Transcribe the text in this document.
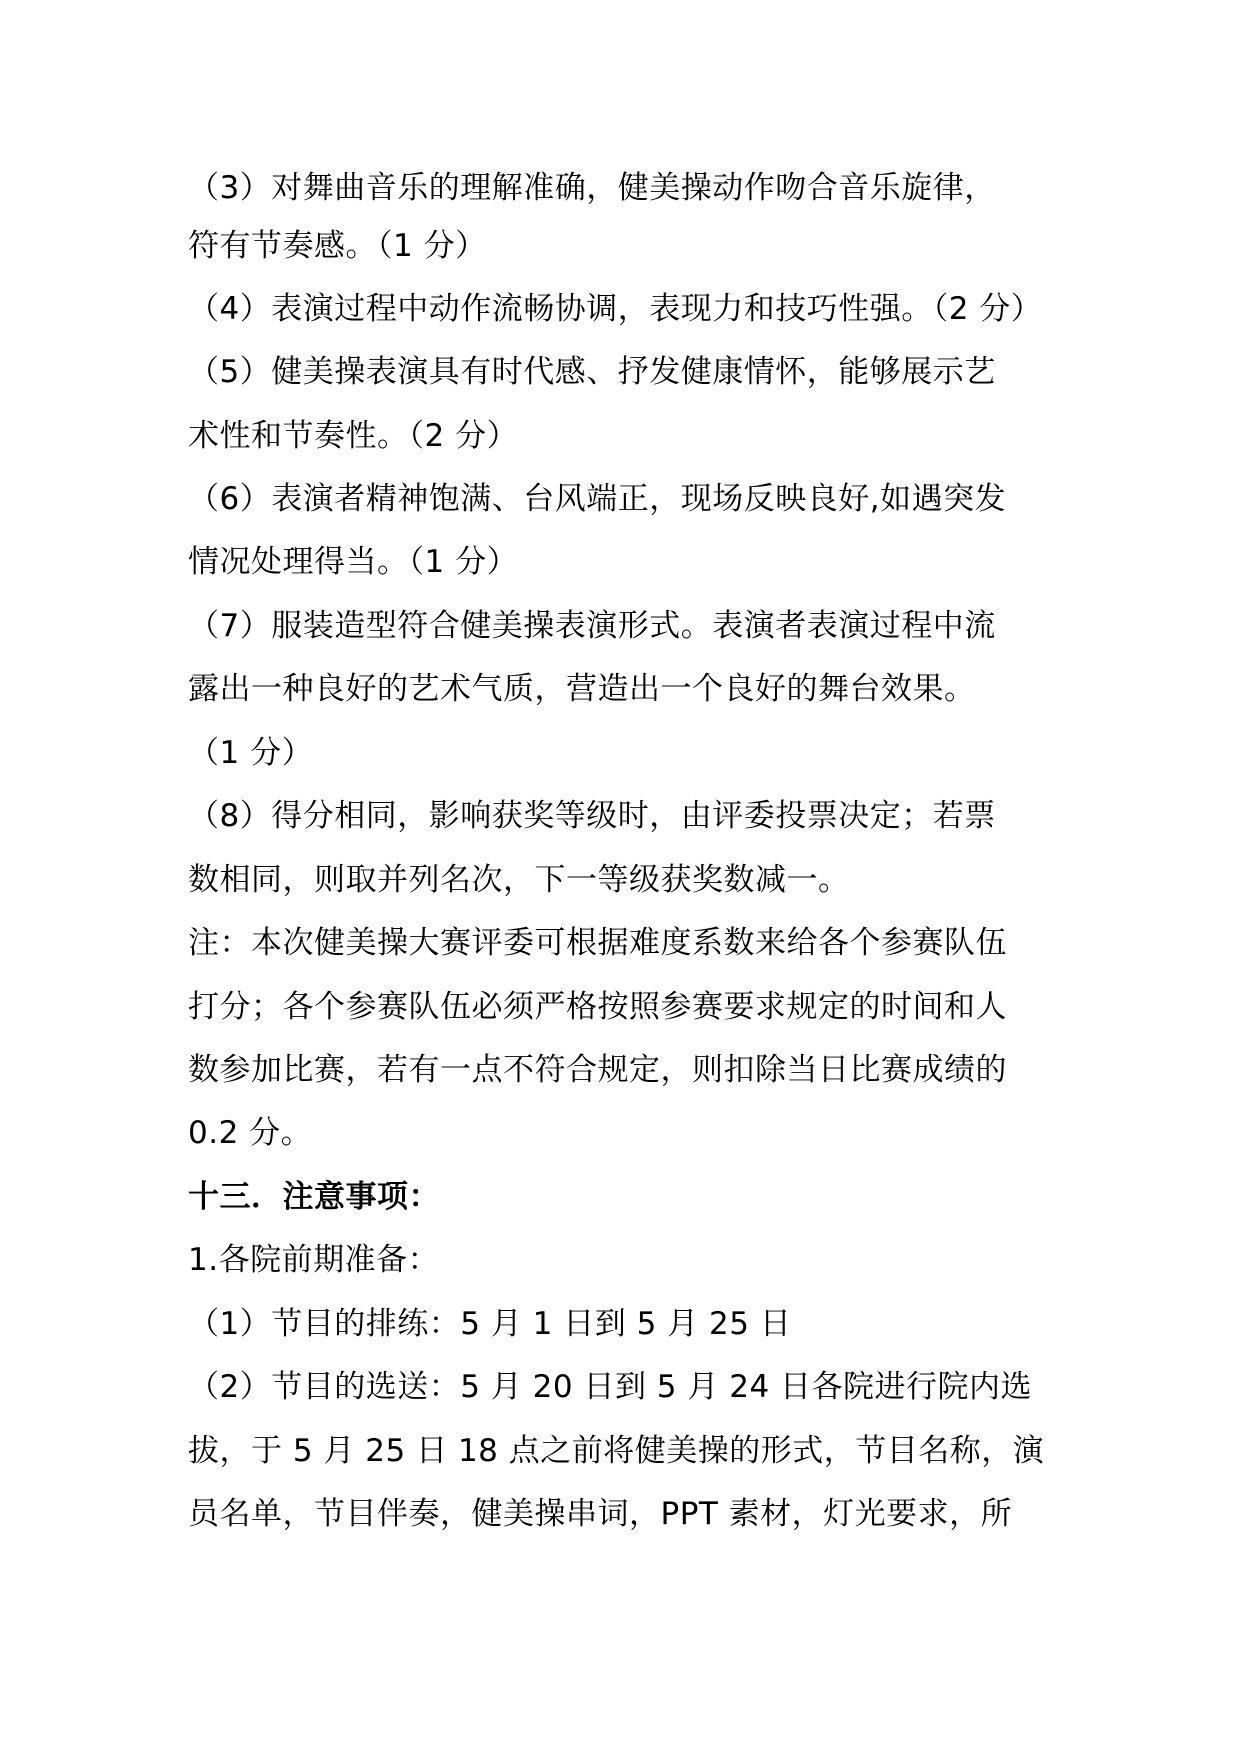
（3）对舞曲音乐的理解准确，健美操动作吻合音乐旋律，
符有节奏感。（1 分）
（4）表演过程中动作流畅协调，表现力和技巧性强。（2 分）
（5）健美操表演具有时代感、抒发健康情怀，能够展示艺
术性和节奏性。（2 分）
（6）表演者精神饱满、台风端正，现场反映良好,如遇突发
情况处理得当。（1 分）
（7）服装造型符合健美操表演形式。表演者表演过程中流
露出一种良好的艺术气质，营造出一个良好的舞台效果。
（1 分）
（8）得分相同，影响获奖等级时，由评委投票决定；若票
数相同，则取并列名次，下一等级获奖数减一。
注：本次健美操大赛评委可根据难度系数来给各个参赛队伍
打分；各个参赛队伍必须严格按照参赛要求规定的时间和人
数参加比赛，若有一点不符合规定，则扣除当日比赛成绩的
0.2 分。
十三．注意事项：
1.各院前期准备：
（1）节目的排练：5 月 1 日到 5 月 25 日
（2）节目的选送：5 月 20 日到 5 月 24 日各院进行院内选
拔，于 5 月 25 日 18 点之前将健美操的形式，节目名称，演
员名单，节目伴奏，健美操串词，PPT 素材，灯光要求，所
